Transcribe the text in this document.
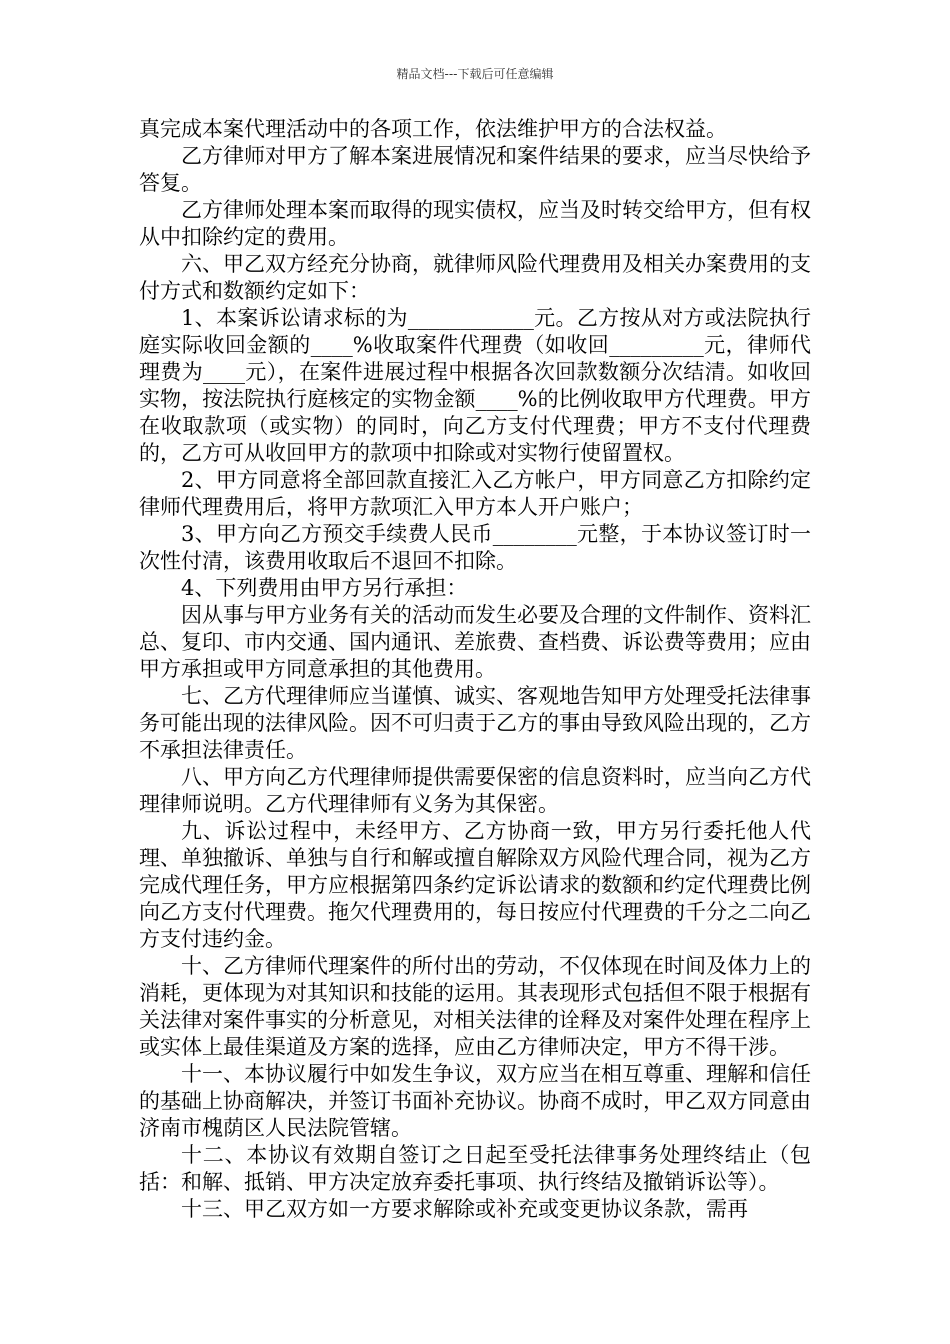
精品文档---下载后可任意编辑

真完成本案代理活动中的各项工作，依法维护甲方的合法权益。

乙方律师对甲方了解本案进展情况和案件结果的要求，应当尽快给予答复。

乙方律师处理本案而取得的现实债权，应当及时转交给甲方，但有权从中扣除约定的费用。

六、甲乙双方经充分协商，就律师风险代理费用及相关办案费用的支付方式和数额约定如下：

1、本案诉讼请求标的为____________元。乙方按从对方或法院执行庭实际收回金额的____%收取案件代理费（如收回_________元，律师代理费为____元），在案件进展过程中根据各次回款数额分次结清。如收回实物，按法院执行庭核定的实物金额____%的比例收取甲方代理费。甲方在收取款项（或实物）的同时，向乙方支付代理费；甲方不支付代理费的，乙方可从收回甲方的款项中扣除或对实物行使留置权。

2、甲方同意将全部回款直接汇入乙方帐户，甲方同意乙方扣除约定律师代理费用后，将甲方款项汇入甲方本人开户账户；

3、甲方向乙方预交手续费人民币________元整，于本协议签订时一次性付清，该费用收取后不退回不扣除。

4、下列费用由甲方另行承担：

因从事与甲方业务有关的活动而发生必要及合理的文件制作、资料汇总、复印、市内交通、国内通讯、差旅费、查档费、诉讼费等费用；应由甲方承担或甲方同意承担的其他费用。

七、乙方代理律师应当谨慎、诚实、客观地告知甲方处理受托法律事务可能出现的法律风险。因不可归责于乙方的事由导致风险出现的，乙方不承担法律责任。

八、甲方向乙方代理律师提供需要保密的信息资料时，应当向乙方代理律师说明。乙方代理律师有义务为其保密。

九、诉讼过程中，未经甲方、乙方协商一致，甲方另行委托他人代理、单独撤诉、单独与自行和解或擅自解除双方风险代理合同，视为乙方完成代理任务，甲方应根据第四条约定诉讼请求的数额和约定代理费比例向乙方支付代理费。拖欠代理费用的，每日按应付代理费的千分之二向乙方支付违约金。

十、乙方律师代理案件的所付出的劳动，不仅体现在时间及体力上的消耗，更体现为对其知识和技能的运用。其表现形式包括但不限于根据有关法律对案件事实的分析意见，对相关法律的诠释及对案件处理在程序上或实体上最佳渠道及方案的选择，应由乙方律师决定，甲方不得干涉。

十一、本协议履行中如发生争议，双方应当在相互尊重、理解和信任的基础上协商解决，并签订书面补充协议。协商不成时，甲乙双方同意由济南市槐荫区人民法院管辖。

十二、本协议有效期自签订之日起至受托法律事务处理终结止（包括：和解、抵销、甲方决定放弃委托事项、执行终结及撤销诉讼等）。

十三、甲乙双方如一方要求解除或补充或变更协议条款，需再
